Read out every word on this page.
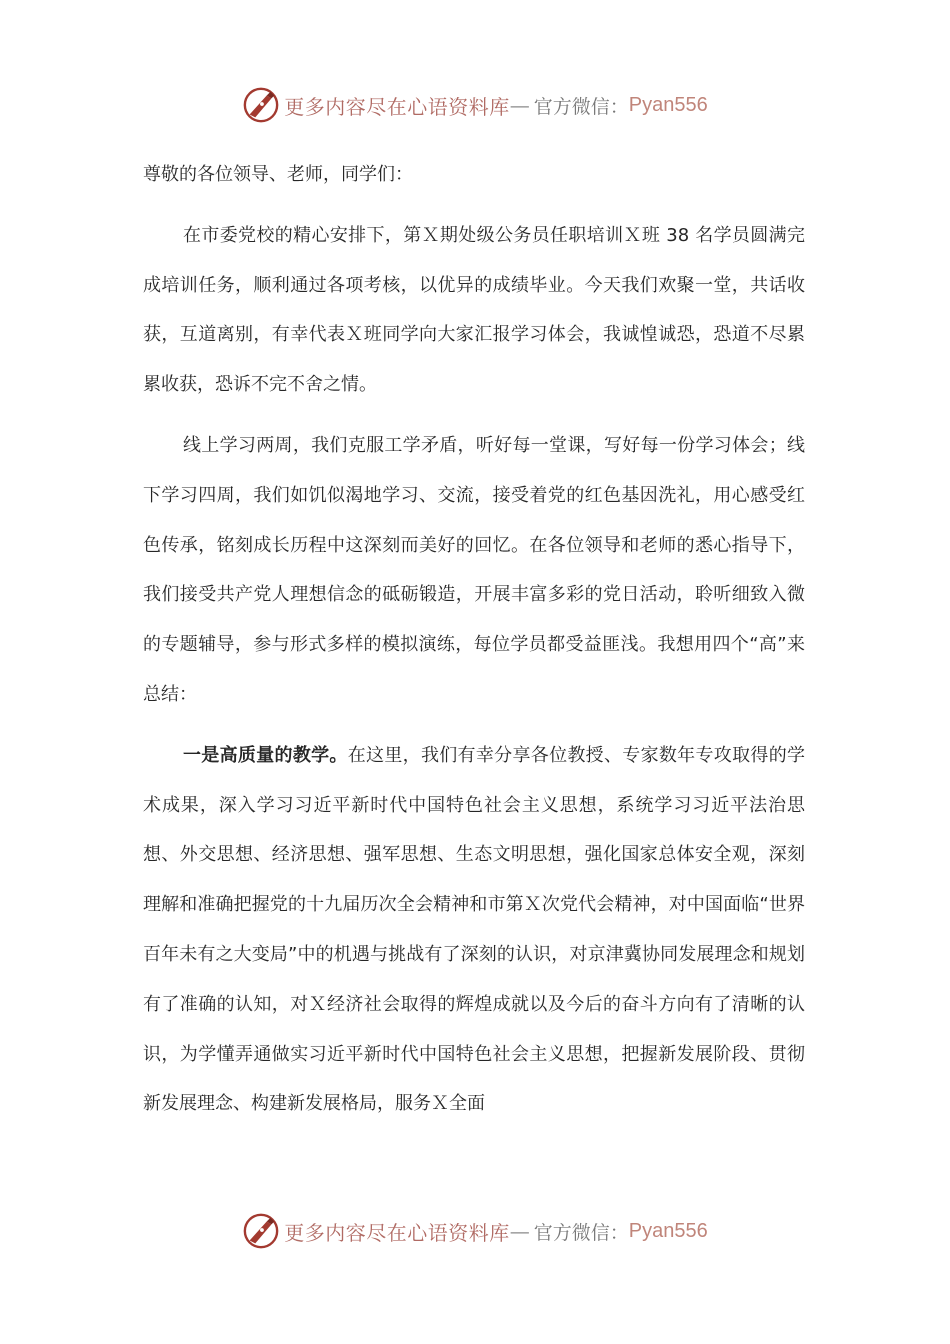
更多内容尽在心语资料库 — 官方微信： Pyan556

尊敬的各位领导、老师，同学们：

在市委党校的精心安排下，第Ｘ期处级公务员任职培训Ｘ班 38 名学员圆满完成培训任务，顺利通过各项考核，以优异的成绩毕业。今天我们欢聚一堂，共话收获，互道离别，有幸代表Ｘ班同学向大家汇报学习体会，我诚惶诚恐，恐道不尽累累收获，恐诉不完不舍之情。

线上学习两周，我们克服工学矛盾，听好每一堂课，写好每一份学习体会；线下学习四周，我们如饥似渴地学习、交流，接受着党的红色基因洗礼，用心感受红色传承，铭刻成长历程中这深刻而美好的回忆。在各位领导和老师的悉心指导下，我们接受共产党人理想信念的砥砺锻造，开展丰富多彩的党日活动，聆听细致入微的专题辅导，参与形式多样的模拟演练，每位学员都受益匪浅。我想用四个“高”来总结：

一是高质量的教学。在这里，我们有幸分享各位教授、专家数年专攻取得的学术成果，深入学习习近平新时代中国特色社会主义思想，系统学习习近平法治思想、外交思想、经济思想、强军思想、生态文明思想，强化国家总体安全观，深刻理解和准确把握党的十九届历次全会精神和市第Ｘ次党代会精神，对中国面临“世界百年未有之大变局”中的机遇与挑战有了深刻的认识，对京津冀协同发展理念和规划有了准确的认知，对Ｘ经济社会取得的辉煌成就以及今后的奋斗方向有了清晰的认识，为学懂弄通做实习近平新时代中国特色社会主义思想，把握新发展阶段、贯彻新发展理念、构建新发展格局，服务Ｘ全面

更多内容尽在心语资料库 — 官方微信： Pyan556
